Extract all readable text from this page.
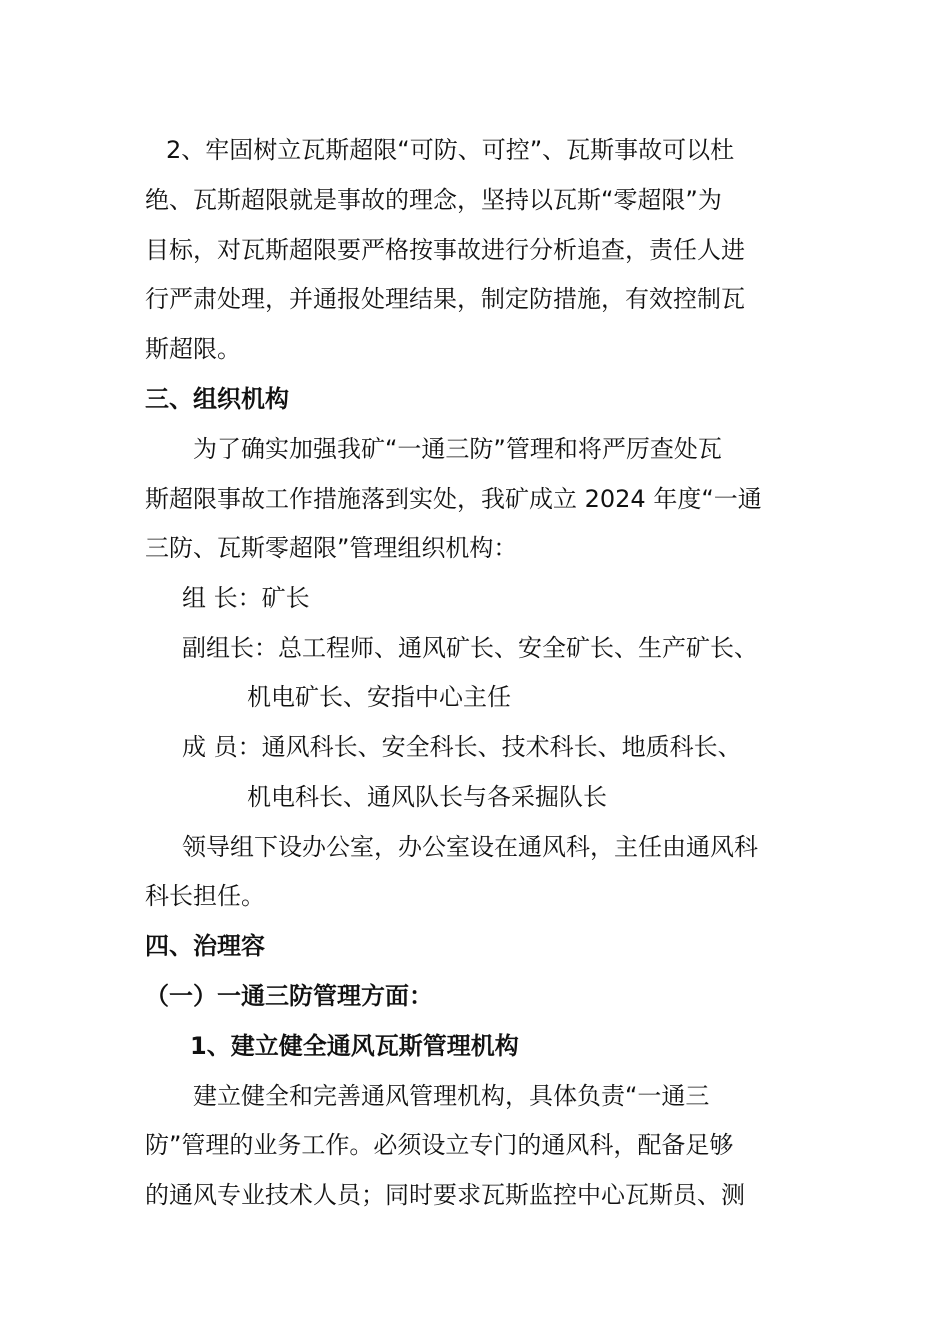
2、牢固树立瓦斯超限“可防、可控”、瓦斯事故可以杜
绝、瓦斯超限就是事故的理念，坚持以瓦斯“零超限”为
目标，对瓦斯超限要严格按事故进行分析追查，责任人进
行严肃处理，并通报处理结果，制定防措施，有效控制瓦
斯超限。
三、组织机构
为了确实加强我矿“一通三防”管理和将严厉查处瓦
斯超限事故工作措施落到实处，我矿成立 2024 年度“一通
三防、瓦斯零超限”管理组织机构：
组 长：矿长
副组长：总工程师、通风矿长、安全矿长、生产矿长、
机电矿长、安指中心主任
成 员：通风科长、安全科长、技术科长、地质科长、
机电科长、通风队长与各采掘队长
领导组下设办公室，办公室设在通风科，主任由通风科
科长担任。
四、治理容
（一）一通三防管理方面：
1、建立健全通风瓦斯管理机构
建立健全和完善通风管理机构，具体负责“一通三
防”管理的业务工作。必须设立专门的通风科，配备足够
的通风专业技术人员；同时要求瓦斯监控中心瓦斯员、测
